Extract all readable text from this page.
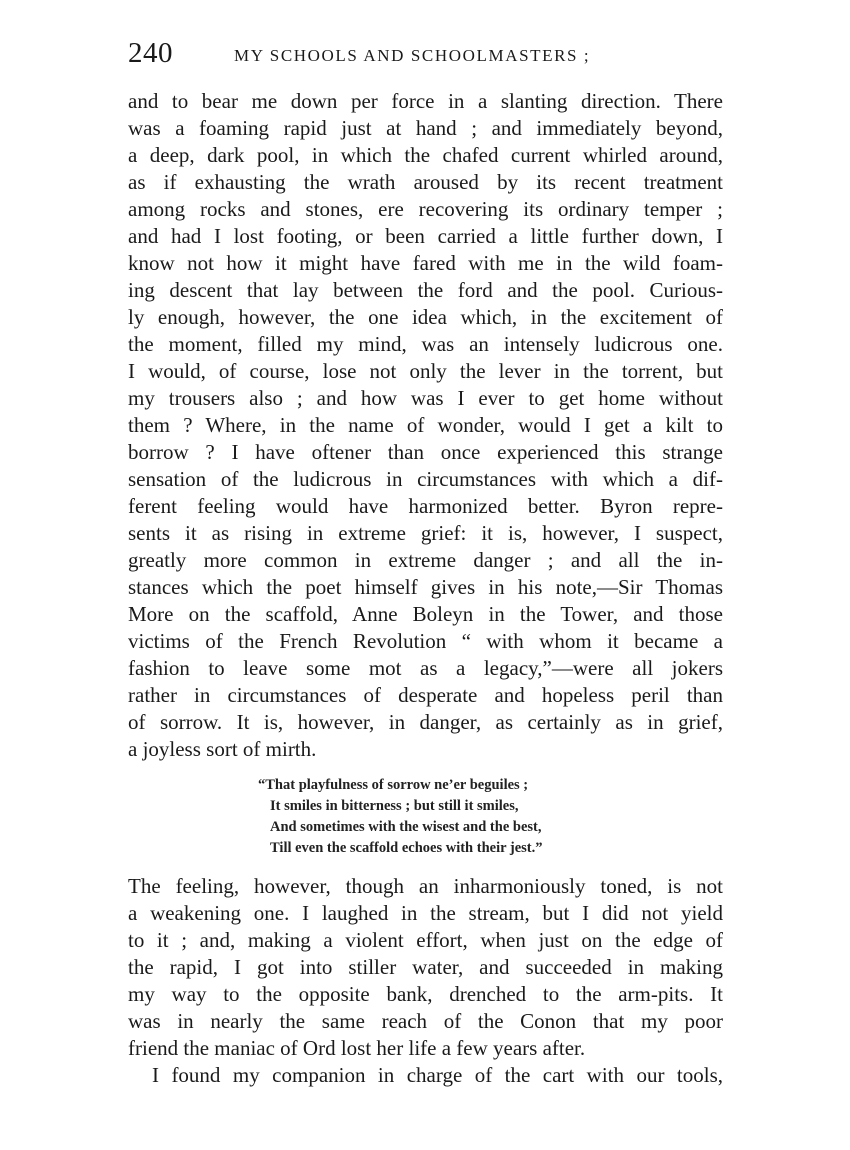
240	MY SCHOOLS AND SCHOOLMASTERS ;
and to bear me down per force in a slanting direction. There
was a foaming rapid just at hand ; and immediately beyond,
a deep, dark pool, in which the chafed current whirled around,
as if exhausting the wrath aroused by its recent treatment
among rocks and stones, ere recovering its ordinary temper ;
and had I lost footing, or been carried a little further down, I
know not how it might have fared with me in the wild foam-
ing descent that lay between the ford and the pool. Curious-
ly enough, however, the one idea which, in the excitement of
the moment, filled my mind, was an intensely ludicrous one.
I would, of course, lose not only the lever in the torrent, but
my trousers also ; and how was I ever to get home without
them ? Where, in the name of wonder, would I get a kilt to
borrow ? I have oftener than once experienced this strange
sensation of the ludicrous in circumstances with which a dif-
ferent feeling would have harmonized better. Byron repre-
sents it as rising in extreme grief: it is, however, I suspect,
greatly more common in extreme danger ; and all the in-
stances which the poet himself gives in his note,—Sir Thomas
More on the scaffold, Anne Boleyn in the Tower, and those
victims of the French Revolution “ with whom it became a
fashion to leave some mot as a legacy,”—were all jokers
rather in circumstances of desperate and hopeless peril than
of sorrow. It is, however, in danger, as certainly as in grief,
a joyless sort of mirth.
“That playfulness of sorrow ne’er beguiles ;
It smiles in bitterness ; but still it smiles,
And sometimes with the wisest and the best,
Till even the scaffold echoes with their jest.”
The feeling, however, though an inharmoniously toned, is not
a weakening one. I laughed in the stream, but I did not yield
to it ; and, making a violent effort, when just on the edge of
the rapid, I got into stiller water, and succeeded in making
my way to the opposite bank, drenched to the arm-pits. It
was in nearly the same reach of the Conon that my poor
friend the maniac of Ord lost her life a few years after.
I found my companion in charge of the cart with our tools,
